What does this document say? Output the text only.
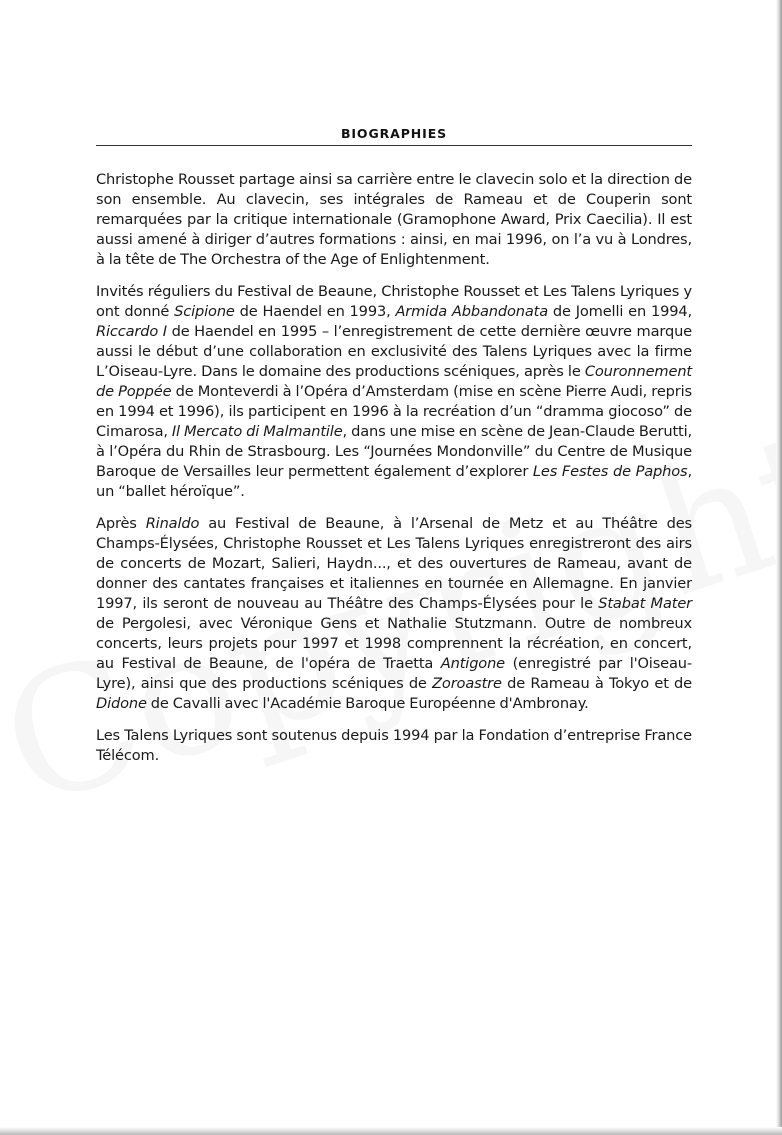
BIOGRAPHIES

Christophe Rousset partage ainsi sa carrière entre le clavecin solo et la direction de son ensemble. Au clavecin, ses intégrales de Rameau et de Couperin sont remarquées par la critique internationale (Gramophone Award, Prix Caecilia). Il est aussi amené à diriger d’autres formations : ainsi, en mai 1996, on l’a vu à Londres, à la tête de The Orchestra of the Age of Enlightenment.

Invités réguliers du Festival de Beaune, Christophe Rousset et Les Talens Lyriques y ont donné Scipione de Haendel en 1993, Armida Abbandonata de Jomelli en 1994, Riccardo I de Haendel en 1995 – l’enregistrement de cette dernière œuvre marque aussi le début d’une collaboration en exclusivité des Talens Lyriques avec la firme L’Oiseau-Lyre. Dans le domaine des productions scéniques, après le Couronnement de Poppée de Monteverdi à l’Opéra d’Amsterdam (mise en scène Pierre Audi, repris en 1994 et 1996), ils participent en 1996 à la recréation d’un “dramma giocoso” de Cimarosa, Il Mercato di Malmantile, dans une mise en scène de Jean-Claude Berutti, à l’Opéra du Rhin de Strasbourg. Les “Journées Mondonville” du Centre de Musique Baroque de Versailles leur permettent également d’explorer Les Festes de Paphos, un “ballet héroïque”.

Après Rinaldo au Festival de Beaune, à l’Arsenal de Metz et au Théâtre des Champs-Élysées, Christophe Rousset et Les Talens Lyriques enregistreront des airs de concerts de Mozart, Salieri, Haydn..., et des ouvertures de Rameau, avant de donner des cantates françaises et italiennes en tournée en Allemagne. En janvier 1997, ils seront de nouveau au Théâtre des Champs-Élysées pour le Stabat Mater de Pergolesi, avec Véronique Gens et Nathalie Stutzmann. Outre de nombreux concerts, leurs projets pour 1997 et 1998 comprennent la récréation, en concert, au Festival de Beaune, de l'opéra de Traetta Antigone (enregistré par l'Oiseau-Lyre), ainsi que des productions scéniques de Zoroastre de Rameau à Tokyo et de Didone de Cavalli avec l'Académie Baroque Européenne d'Ambronay.

Les Talens Lyriques sont soutenus depuis 1994 par la Fondation d’entreprise France Télécom.
